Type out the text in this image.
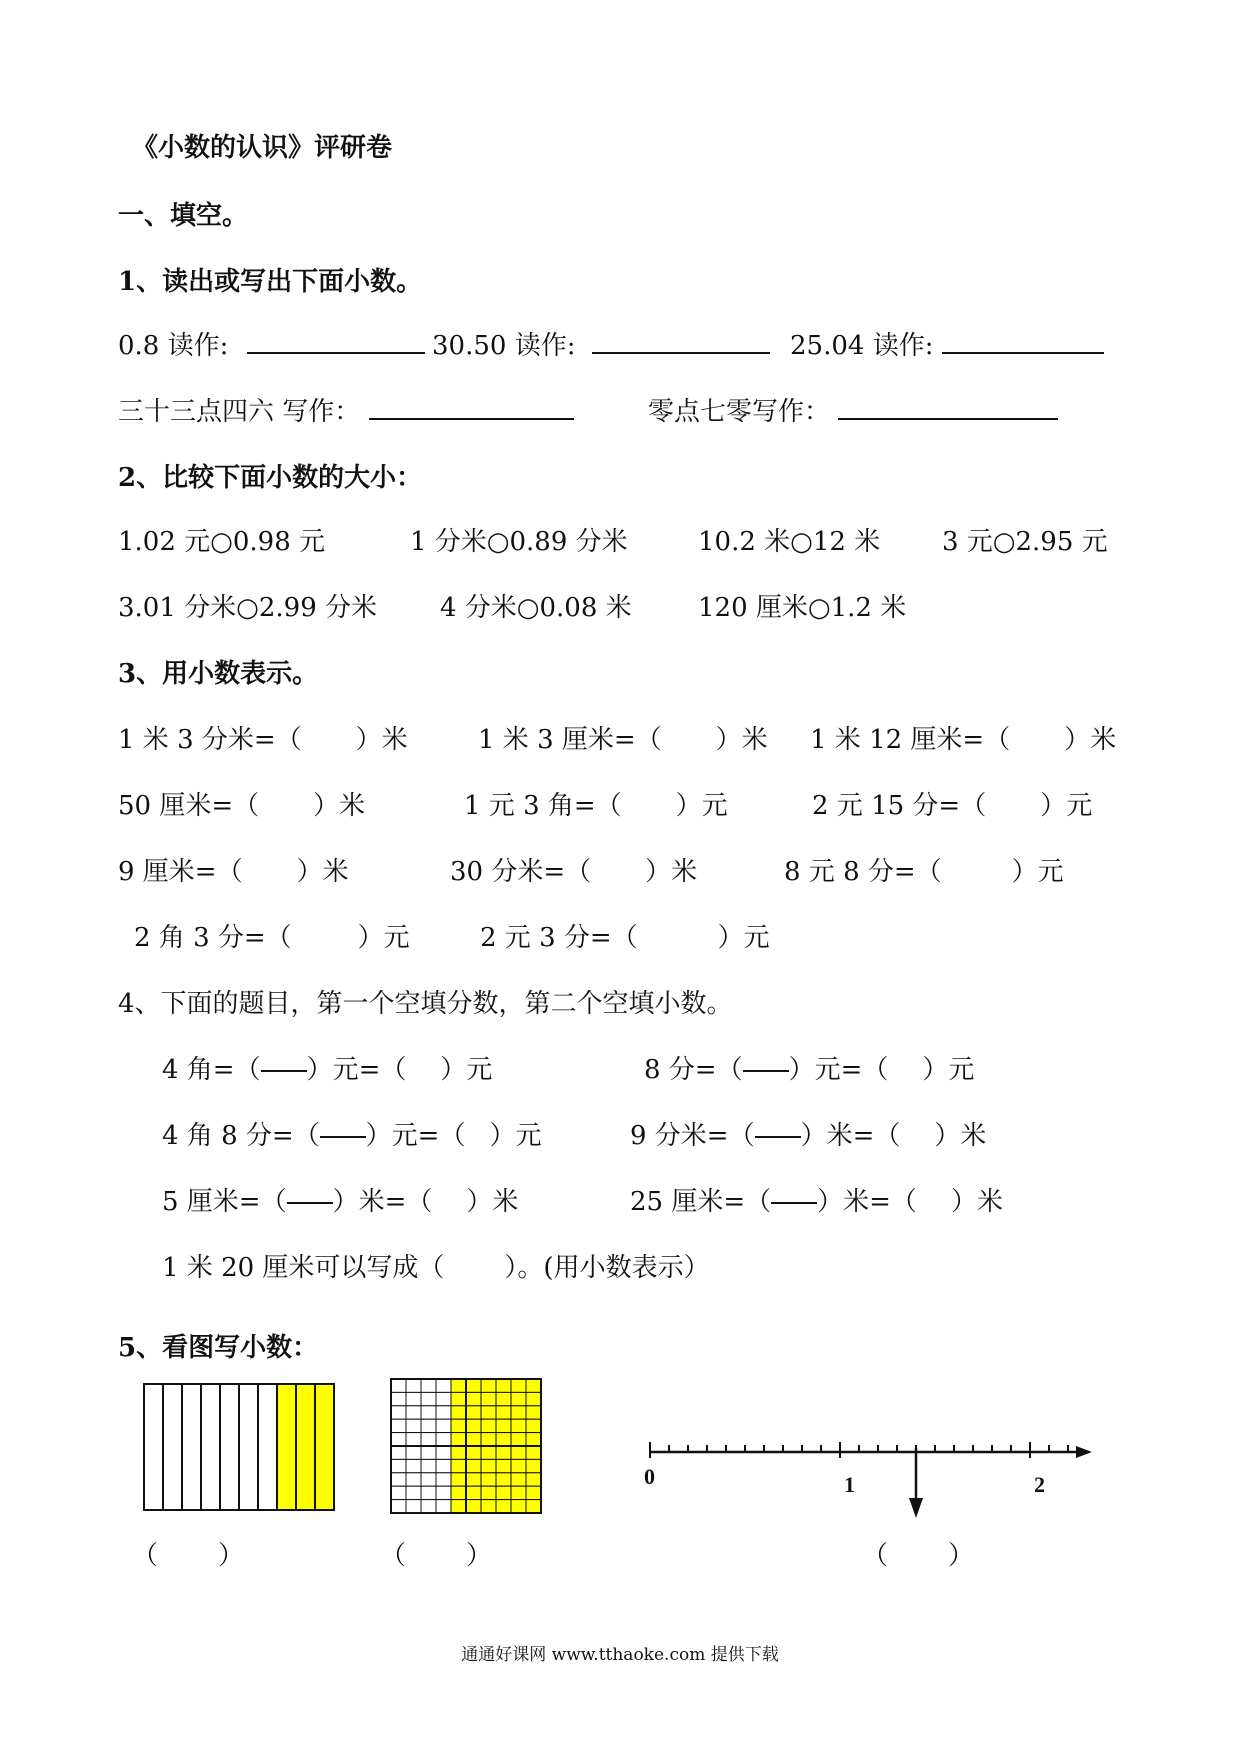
《小数的认识》评研卷
一、填空。
1、读出或写出下面小数。
0.8 读作:	30.50 读作:	25.04 读作:
三十三点四六 写作：	零点七零写作：
2、比较下面小数的大小：
1.02 元○0.98 元	1 分米○0.89 分米	10.2 米○12 米 3 元○2.95 元
3.01 分米○2.99 分米 4 分米○0.08 米	120 厘米○1.2 米
3、用小数表示。
1 米 3 分米=（ ）米	1 米 3 厘米=（ ）米 1 米 12 厘米=（ ）米
50 厘米=（ ）米	1 元 3 角=（ ）元	2 元 15 分=（ ）元
9 厘米=（ ）米	30 分米=（ ）米	8 元 8 分=（	）元
2 角 3 分=（	）元	2 元 3 分=（	）元
4、下面的题目，第一个空填分数，第二个空填小数。
4 角=（ ）元=（ ）元	8 分=（ ）元=（ ）元
4 角 8 分=（ ）元=（ ）元	9 分米=（ ）米=（ ）米
5 厘米=（ ）米=（ ）米	25 厘米=（ ）米=（ ）米
1 米 20 厘米可以写成（ ）。(用小数表示）
5、看图写小数：
0	1	2
（ ）	（ ）	（ ）
通通好课网 www.tthaoke.com 提供下载
